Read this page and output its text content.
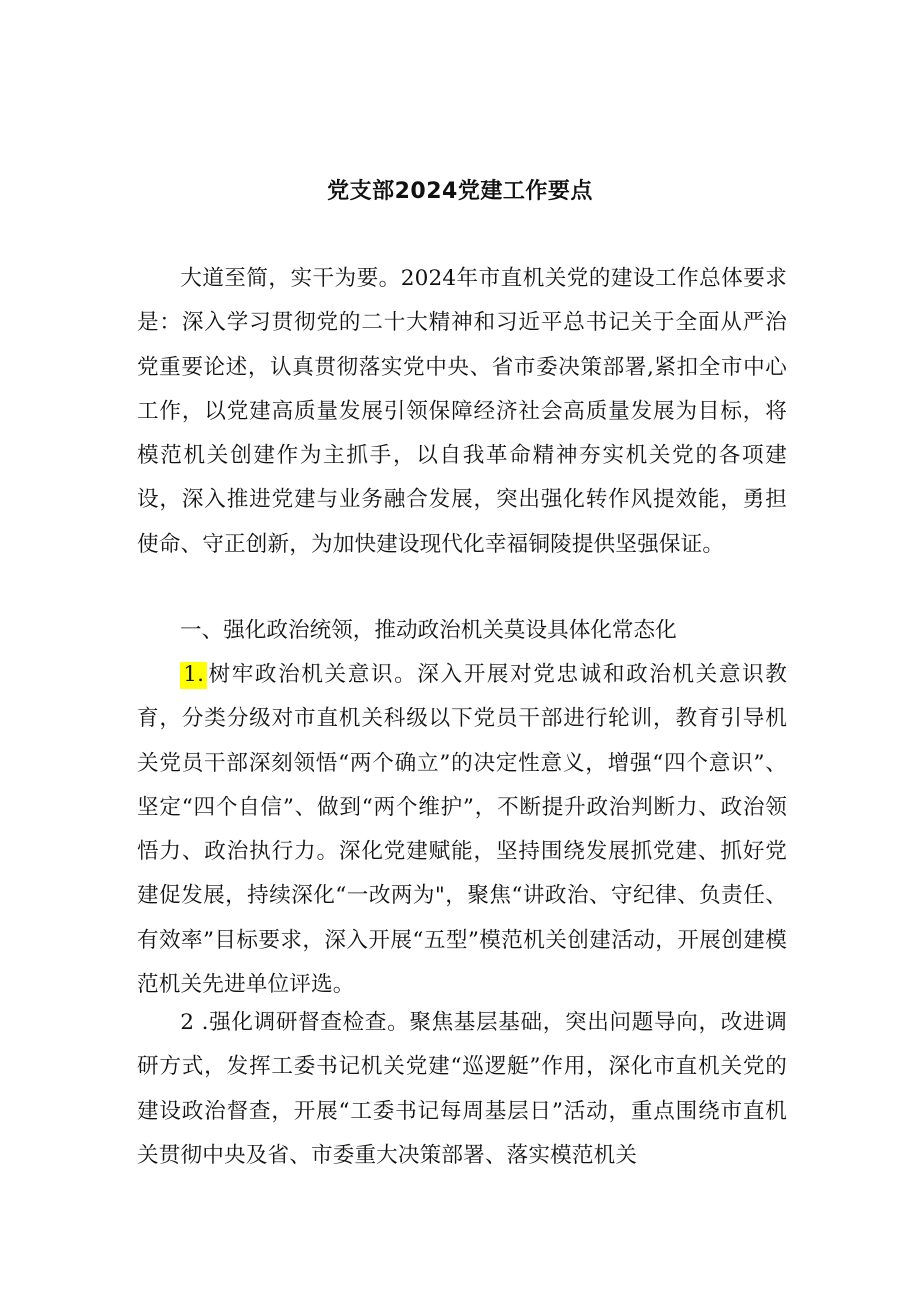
党支部2024党建工作要点

大道至简，实干为要。2024年市直机关党的建设工作总体要求是：深入学习贯彻党的二十大精神和习近平总书记关于全面从严治党重要论述，认真贯彻落实党中央、省市委决策部署,紧扣全市中心工作，以党建高质量发展引领保障经济社会高质量发展为目标，将模范机关创建作为主抓手，以自我革命精神夯实机关党的各项建设，深入推进党建与业务融合发展，突出强化转作风提效能，勇担使命、守正创新，为加快建设现代化幸福铜陵提供坚强保证。

一、强化政治统领，推动政治机关莫设具体化常态化

1. 树牢政治机关意识。深入开展对党忠诚和政治机关意识教育，分类分级对市直机关科级以下党员干部进行轮训，教育引导机关党员干部深刻领悟“两个确立”的决定性意义，增强“四个意识”、坚定“四个自信”、做到“两个维护”，不断提升政治判断力、政治领悟力、政治执行力。深化党建赋能，坚持围绕发展抓党建、抓好党建促发展，持续深化“一改两为"，聚焦“讲政治、守纪律、负责任、有效率”目标要求，深入开展“五型”模范机关创建活动，开展创建模范机关先进单位评选。

2 .强化调研督查检查。聚焦基层基础，突出问题导向，改进调研方式，发挥工委书记机关党建“巡逻艇”作用，深化市直机关党的建设政治督查，开展“工委书记每周基层日”活动，重点围绕市直机关贯彻中央及省、市委重大决策部署、落实模范机关
